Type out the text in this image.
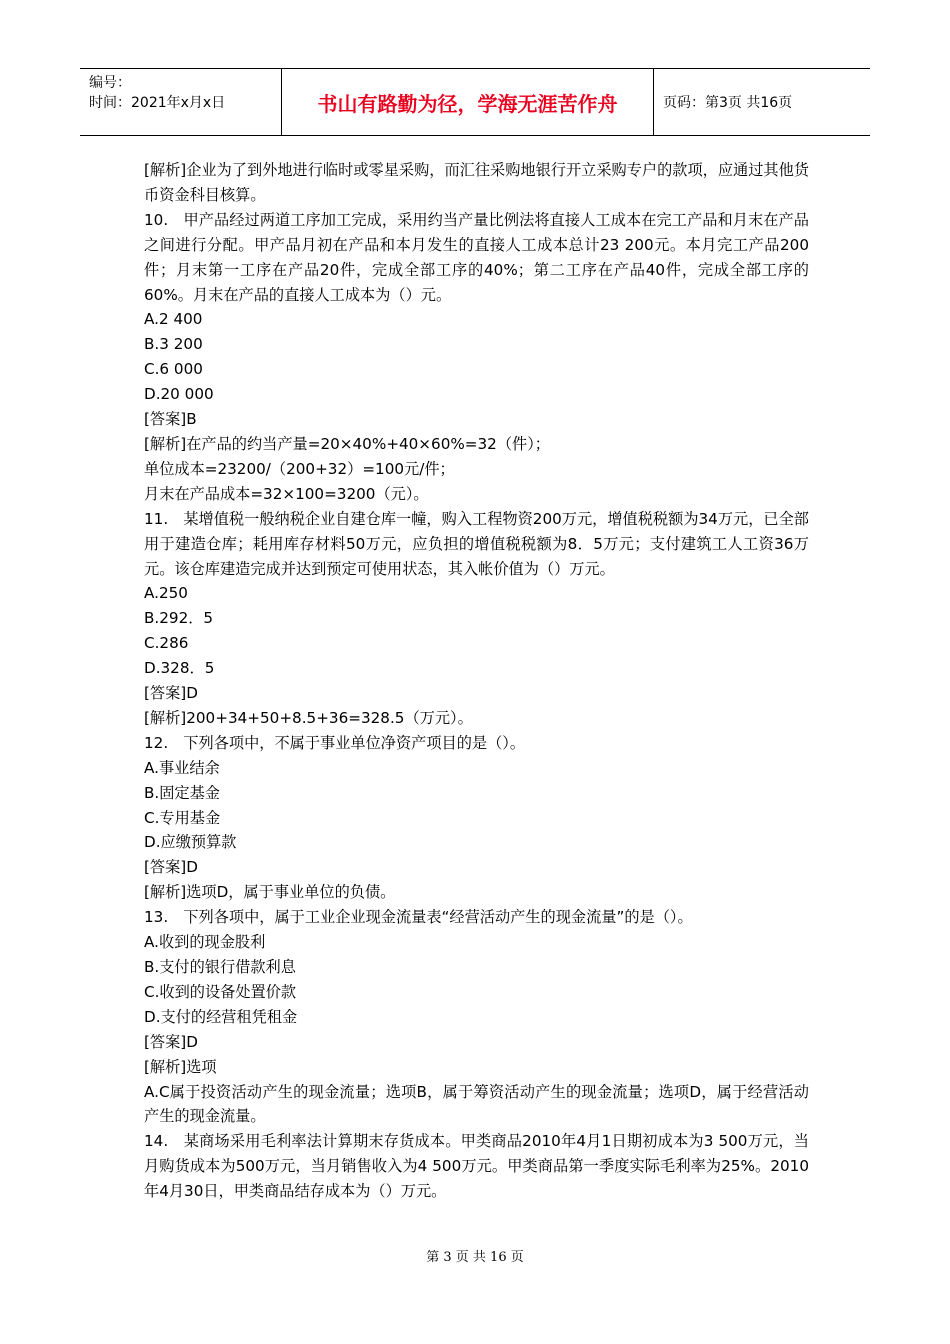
编号：
时间：2021年x月x日	书山有路勤为径，学海无涯苦作舟	页码：第3页 共16页

[解析]企业为了到外地进行临时或零星采购，而汇往采购地银行开立采购专户的款项，应通过其他货币资金科目核算。

10.　甲产品经过两道工序加工完成，采用约当产量比例法将直接人工成本在完工产品和月末在产品之间进行分配。甲产品月初在产品和本月发生的直接人工成本总计23 200元。本月完工产品200件；月末第一工序在产品20件，完成全部工序的40%；第二工序在产品40件，完成全部工序的60%。月末在产品的直接人工成本为（）元。

A.2 400

B.3 200

C.6 000

D.20 000

[答案]B

[解析]在产品的约当产量=20×40%+40×60%=32（件）；

单位成本=23200/（200+32）=100元/件；

月末在产品成本=32×100=3200（元）。

11.　某增值税一般纳税企业自建仓库一幢，购入工程物资200万元，增值税税额为34万元，已全部用于建造仓库；耗用库存材料50万元，应负担的增值税税额为8．5万元；支付建筑工人工资36万元。该仓库建造完成并达到预定可使用状态，其入帐价值为（）万元。

A.250

B.292．5

C.286

D.328．5

[答案]D

[解析]200+34+50+8.5+36=328.5（万元）。

12.　下列各项中，不属于事业单位净资产项目的是（）。

A.事业结余

B.固定基金

C.专用基金

D.应缴预算款

[答案]D

[解析]选项D，属于事业单位的负债。

13.　下列各项中，属于工业企业现金流量表“经营活动产生的现金流量”的是（）。

A.收到的现金股利

B.支付的银行借款利息

C.收到的设备处置价款

D.支付的经营租凭租金

[答案]D

[解析]选项

A.C属于投资活动产生的现金流量；选项B，属于筹资活动产生的现金流量；选项D，属于经营活动产生的现金流量。

14.　某商场采用毛利率法计算期末存货成本。甲类商品2010年4月1日期初成本为3 500万元，当月购货成本为500万元，当月销售收入为4 500万元。甲类商品第一季度实际毛利率为25%。2010年4月30日，甲类商品结存成本为（）万元。

第 3 页 共 16 页
